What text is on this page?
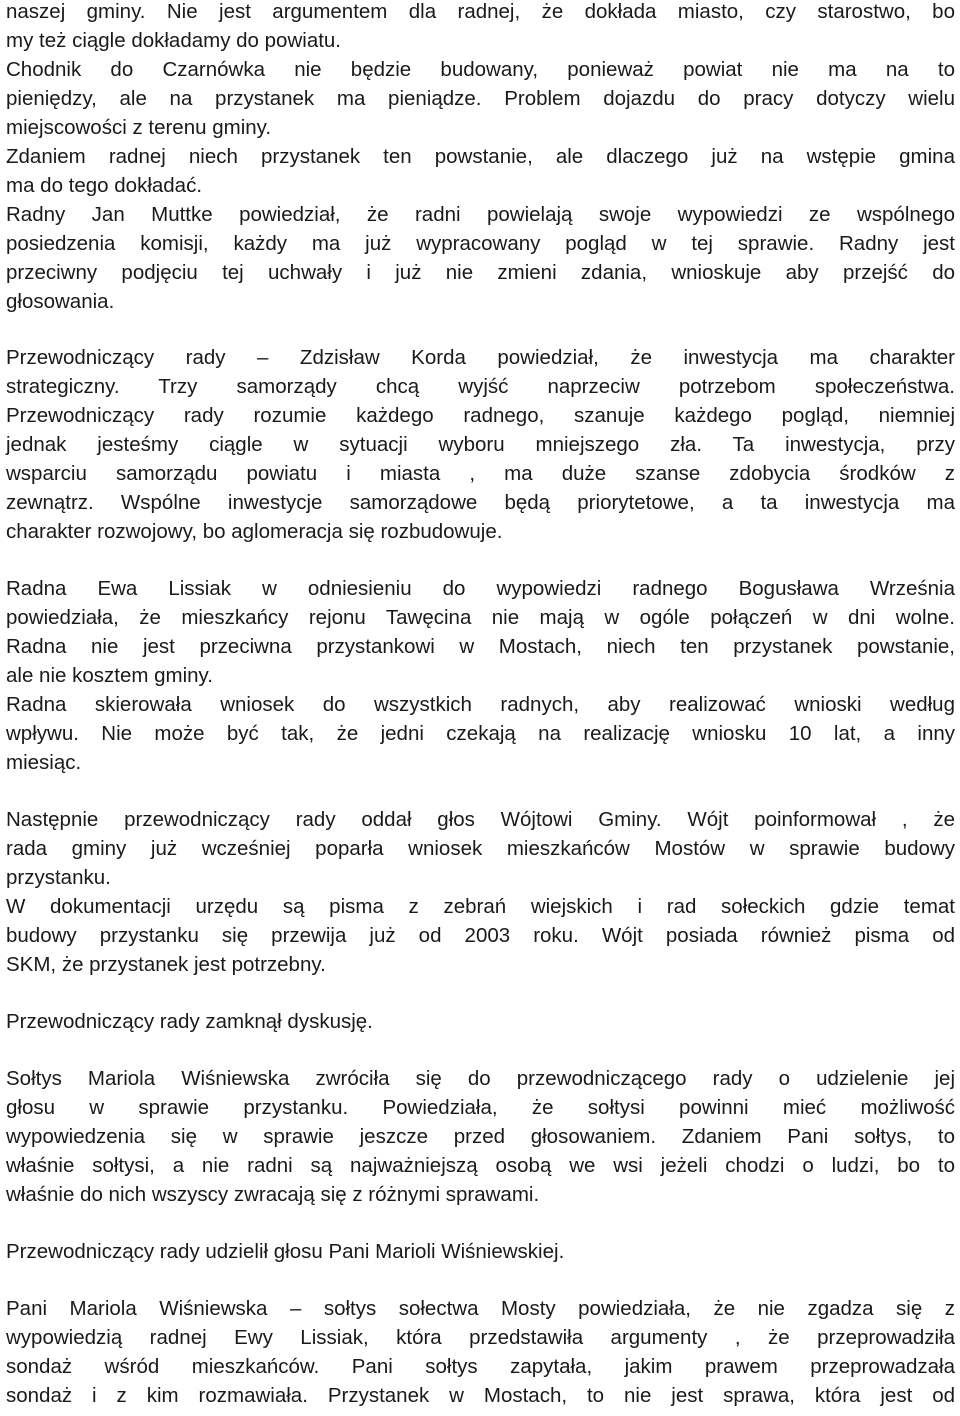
naszej gminy. Nie jest argumentem dla radnej, że dokłada miasto, czy starostwo, bo
my też ciągle dokładamy do powiatu.
Chodnik do Czarnówka nie będzie budowany, ponieważ powiat nie ma na to
pieniędzy, ale na przystanek ma pieniądze. Problem dojazdu do pracy dotyczy wielu
miejscowości z terenu gminy.
Zdaniem radnej niech przystanek ten powstanie, ale dlaczego już na wstępie gmina
ma do tego dokładać.
Radny Jan Muttke powiedział, że radni powielają swoje wypowiedzi ze wspólnego
posiedzenia komisji, każdy ma już wypracowany pogląd w tej sprawie. Radny jest
przeciwny podjęciu tej uchwały i już nie zmieni zdania, wnioskuje aby przejść do
głosowania.
Przewodniczący rady – Zdzisław Korda powiedział, że inwestycja ma charakter
strategiczny. Trzy samorządy chcą wyjść naprzeciw potrzebom społeczeństwa.
Przewodniczący rady rozumie każdego radnego, szanuje każdego pogląd, niemniej
jednak jesteśmy ciągle w sytuacji wyboru mniejszego zła. Ta inwestycja, przy
wsparciu samorządu powiatu i miasta , ma duże szanse zdobycia środków z
zewnątrz. Wspólne inwestycje samorządowe będą priorytetowe, a ta inwestycja ma
charakter rozwojowy, bo aglomeracja się rozbudowuje.
Radna Ewa Lissiak w odniesieniu do wypowiedzi radnego Bogusława Września
powiedziała, że mieszkańcy rejonu Tawęcina nie mają w ogóle połączeń w dni wolne.
Radna nie jest przeciwna przystankowi w Mostach, niech ten przystanek powstanie,
ale nie kosztem gminy.
Radna skierowała wniosek do wszystkich radnych, aby realizować wnioski według
wpływu. Nie może być tak, że jedni czekają na realizację wniosku 10 lat, a inny
miesiąc.
Następnie przewodniczący rady oddał głos Wójtowi Gminy. Wójt poinformował , że
rada gminy już wcześniej poparła wniosek mieszkańców Mostów w sprawie budowy
przystanku.
W dokumentacji urzędu są pisma z zebrań wiejskich i rad sołeckich gdzie temat
budowy przystanku się przewija już od 2003 roku. Wójt posiada również pisma od
SKM, że przystanek jest potrzebny.
Przewodniczący rady zamknął dyskusję.
Sołtys Mariola Wiśniewska zwróciła się do przewodniczącego rady o udzielenie jej
głosu w sprawie przystanku. Powiedziała, że sołtysi powinni mieć możliwość
wypowiedzenia się w sprawie jeszcze przed głosowaniem. Zdaniem Pani sołtys, to
właśnie sołtysi, a nie radni są najważniejszą osobą we wsi jeżeli chodzi o ludzi, bo to
właśnie do nich wszyscy zwracają się z różnymi sprawami.
Przewodniczący rady udzielił głosu Pani Marioli Wiśniewskiej.
Pani Mariola Wiśniewska – sołtys sołectwa Mosty powiedziała, że nie zgadza się z
wypowiedzią radnej Ewy Lissiak, która przedstawiła argumenty , że przeprowadziła
sondaż wśród mieszkańców. Pani sołtys zapytała, jakim prawem przeprowadzała
sondaż i z kim rozmawiała. Przystanek w Mostach, to nie jest sprawa, która jest od
